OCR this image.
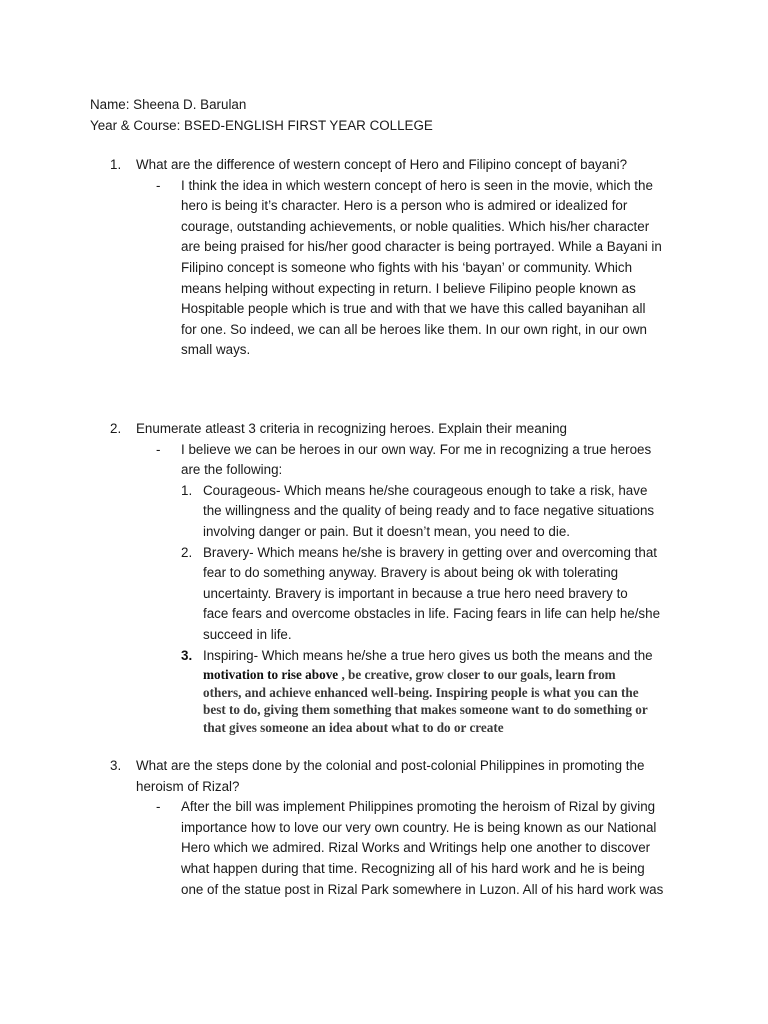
Name: Sheena D. Barulan
Year & Course: BSED-ENGLISH FIRST YEAR COLLEGE
1. What are the difference of western concept of Hero and Filipino concept of bayani?
- I think the idea in which western concept of hero is seen in the movie, which the
hero is being it’s character. Hero is a person who is admired or idealized for
courage, outstanding achievements, or noble qualities. Which his/her character
are being praised for his/her good character is being portrayed. While a Bayani in
Filipino concept is someone who fights with his ‘bayan’ or community. Which
means helping without expecting in return. I believe Filipino people known as
Hospitable people which is true and with that we have this called bayanihan all
for one. So indeed, we can all be heroes like them. In our own right, in our own
small ways.
2. Enumerate atleast 3 criteria in recognizing heroes. Explain their meaning
- I believe we can be heroes in our own way. For me in recognizing a true heroes
are the following:
1. Courageous- Which means he/she courageous enough to take a risk, have
the willingness and the quality of being ready and to face negative situations
involving danger or pain. But it doesn’t mean, you need to die.
2. Bravery- Which means he/she is bravery in getting over and overcoming that
fear to do something anyway. Bravery is about being ok with tolerating
uncertainty. Bravery is important in because a true hero need bravery to
face fears and overcome obstacles in life. Facing fears in life can help he/she
succeed in life.
3. Inspiring- Which means he/she a true hero gives us both the means and the
motivation to rise above , be creative, grow closer to our goals, learn from
others, and achieve enhanced well-being. Inspiring people is what you can the
best to do, giving them something that makes someone want to do something or
that gives someone an idea about what to do or create
3. What are the steps done by the colonial and post-colonial Philippines in promoting the
heroism of Rizal?
- After the bill was implement Philippines promoting the heroism of Rizal by giving
importance how to love our very own country. He is being known as our National
Hero which we admired. Rizal Works and Writings help one another to discover
what happen during that time. Recognizing all of his hard work and he is being
one of the statue post in Rizal Park somewhere in Luzon. All of his hard work was
